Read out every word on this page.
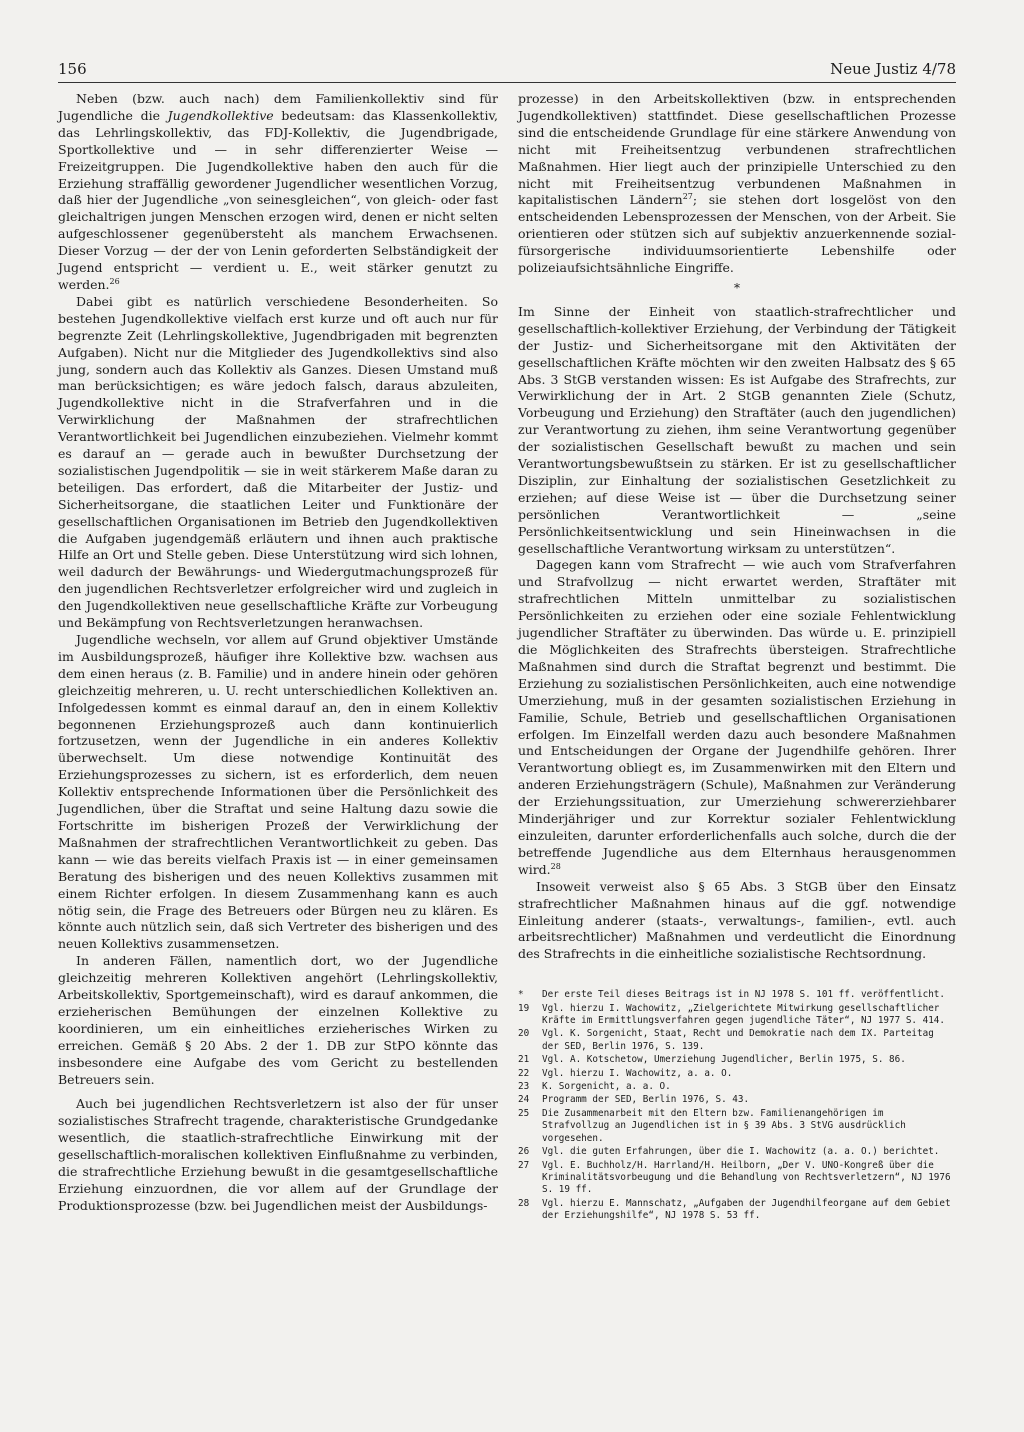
156	Neue Justiz 4/78

Neben (bzw. auch nach) dem Familienkollektiv sind für Jugendliche die Jugendkollektive bedeutsam: das Klassenkollektiv, das Lehrlingskollektiv, das FDJ-Kollektiv, die Jugendbrigade, Sportkollektive und — in sehr differenzierter Weise — Freizeitgruppen. Die Jugendkollektive haben den auch für die Erziehung straffällig gewordener Jugendlicher wesentlichen Vorzug, daß hier der Jugendliche „von seinesgleichen“, von gleich- oder fast gleichaltrigen jungen Menschen erzogen wird, denen er nicht selten aufgeschlossener gegenübersteht als manchem Erwachsenen. Dieser Vorzug — der der von Lenin geforderten Selbständigkeit der Jugend entspricht — verdient u. E., weit stärker genutzt zu werden.$^{26}$

Dabei gibt es natürlich verschiedene Besonderheiten. So bestehen Jugendkollektive vielfach erst kurze und oft auch nur für begrenzte Zeit (Lehrlingskollektive, Jugendbrigaden mit begrenzten Aufgaben). Nicht nur die Mitglieder des Jugendkollektivs sind also jung, sondern auch das Kollektiv als Ganzes. Diesen Umstand muß man berücksichtigen; es wäre jedoch falsch, daraus abzuleiten, Jugendkollektive nicht in die Strafverfahren und in die Verwirklichung der Maßnahmen der strafrechtlichen Verantwortlichkeit bei Jugendlichen einzubeziehen. Vielmehr kommt es darauf an — gerade auch in bewußter Durchsetzung der sozialistischen Jugendpolitik — sie in weit stärkerem Maße daran zu beteiligen. Das erfordert, daß die Mitarbeiter der Justiz- und Sicherheitsorgane, die staatlichen Leiter und Funktionäre der gesellschaftlichen Organisationen im Betrieb den Jugendkollektiven die Aufgaben jugendgemäß erläutern und ihnen auch praktische Hilfe an Ort und Stelle geben. Diese Unterstützung wird sich lohnen, weil dadurch der Bewährungs- und Wiedergutmachungsprozeß für den jugendlichen Rechtsverletzer erfolgreicher wird und zugleich in den Jugendkollektiven neue gesellschaftliche Kräfte zur Vorbeugung und Bekämpfung von Rechtsverletzungen heranwachsen.

Jugendliche wechseln, vor allem auf Grund objektiver Umstände im Ausbildungsprozeß, häufiger ihre Kollektive bzw. wachsen aus dem einen heraus (z. B. Familie) und in andere hinein oder gehören gleichzeitig mehreren, u. U. recht unterschiedlichen Kollektiven an. Infolgedessen kommt es einmal darauf an, den in einem Kollektiv begonnenen Erziehungsprozeß auch dann kontinuierlich fortzusetzen, wenn der Jugendliche in ein anderes Kollektiv überwechselt. Um diese notwendige Kontinuität des Erziehungsprozesses zu sichern, ist es erforderlich, dem neuen Kollektiv entsprechende Informationen über die Persönlichkeit des Jugendlichen, über die Straftat und seine Haltung dazu sowie die Fortschritte im bisherigen Prozeß der Verwirklichung der Maßnahmen der strafrechtlichen Verantwortlichkeit zu geben. Das kann — wie das bereits vielfach Praxis ist — in einer gemeinsamen Beratung des bisherigen und des neuen Kollektivs zusammen mit einem Richter erfolgen. In diesem Zusammenhang kann es auch nötig sein, die Frage des Betreuers oder Bürgen neu zu klären. Es könnte auch nützlich sein, daß sich Vertreter des bisherigen und des neuen Kollektivs zusammensetzen.

In anderen Fällen, namentlich dort, wo der Jugendliche gleichzeitig mehreren Kollektiven angehört (Lehrlingskollektiv, Arbeitskollektiv, Sportgemeinschaft), wird es darauf ankommen, die erzieherischen Bemühungen der einzelnen Kollektive zu koordinieren, um ein einheitliches erzieherisches Wirken zu erreichen. Gemäß § 20 Abs. 2 der 1. DB zur StPO könnte das insbesondere eine Aufgabe des vom Gericht zu bestellenden Betreuers sein.

Auch bei jugendlichen Rechtsverletzern ist also der für unser sozialistisches Strafrecht tragende, charakteristische Grundgedanke wesentlich, die staatlich-strafrechtliche Einwirkung mit der gesellschaftlich-moralischen kollektiven Einflußnahme zu verbinden, die strafrechtliche Erziehung bewußt in die gesamtgesellschaftliche Erziehung einzuordnen, die vor allem auf der Grundlage der Produktionsprozesse (bzw. bei Jugendlichen meist der Ausbildungs-

prozesse) in den Arbeitskollektiven (bzw. in entsprechenden Jugendkollektiven) stattfindet. Diese gesellschaftlichen Prozesse sind die entscheidende Grundlage für eine stärkere Anwendung von nicht mit Freiheitsentzug verbundenen strafrechtlichen Maßnahmen. Hier liegt auch der prinzipielle Unterschied zu den nicht mit Freiheitsentzug verbundenen Maßnahmen in kapitalistischen Ländern$^{27}$; sie stehen dort losgelöst von den entscheidenden Lebensprozessen der Menschen, von der Arbeit. Sie orientieren oder stützen sich auf subjektiv anzuerkennende sozial-fürsorgerische individuumsorientierte Lebenshilfe oder polizeiaufsichtsähnliche Eingriffe.

*

Im Sinne der Einheit von staatlich-strafrechtlicher und gesellschaftlich-kollektiver Erziehung, der Verbindung der Tätigkeit der Justiz- und Sicherheitsorgane mit den Aktivitäten der gesellschaftlichen Kräfte möchten wir den zweiten Halbsatz des § 65 Abs. 3 StGB verstanden wissen: Es ist Aufgabe des Strafrechts, zur Verwirklichung der in Art. 2 StGB genannten Ziele (Schutz, Vorbeugung und Erziehung) den Straftäter (auch den jugendlichen) zur Verantwortung zu ziehen, ihm seine Verantwortung gegenüber der sozialistischen Gesellschaft bewußt zu machen und sein Verantwortungsbewußtsein zu stärken. Er ist zu gesellschaftlicher Disziplin, zur Einhaltung der sozialistischen Gesetzlichkeit zu erziehen; auf diese Weise ist — über die Durchsetzung seiner persönlichen Verantwortlichkeit — „seine Persönlichkeitsentwicklung und sein Hineinwachsen in die gesellschaftliche Verantwortung wirksam zu unterstützen“.

Dagegen kann vom Strafrecht — wie auch vom Strafverfahren und Strafvollzug — nicht erwartet werden, Straftäter mit strafrechtlichen Mitteln unmittelbar zu sozialistischen Persönlichkeiten zu erziehen oder eine soziale Fehlentwicklung jugendlicher Straftäter zu überwinden. Das würde u. E. prinzipiell die Möglichkeiten des Strafrechts übersteigen. Strafrechtliche Maßnahmen sind durch die Straftat begrenzt und bestimmt. Die Erziehung zu sozialistischen Persönlichkeiten, auch eine notwendige Umerziehung, muß in der gesamten sozialistischen Erziehung in Familie, Schule, Betrieb und gesellschaftlichen Organisationen erfolgen. Im Einzelfall werden dazu auch besondere Maßnahmen und Entscheidungen der Organe der Jugendhilfe gehören. Ihrer Verantwortung obliegt es, im Zusammenwirken mit den Eltern und anderen Erziehungsträgern (Schule), Maßnahmen zur Veränderung der Erziehungssituation, zur Umerziehung schwererziehbarer Minderjähriger und zur Korrektur sozialer Fehlentwicklung einzuleiten, darunter erforderlichenfalls auch solche, durch die der betreffende Jugendliche aus dem Elternhaus herausgenommen wird.$^{28}$

Insoweit verweist also § 65 Abs. 3 StGB über den Einsatz strafrechtlicher Maßnahmen hinaus auf die ggf. notwendige Einleitung anderer (staats-, verwaltungs-, familien-, evtl. auch arbeitsrechtlicher) Maßnahmen und verdeutlicht die Einordnung des Strafrechts in die einheitliche sozialistische Rechtsordnung.

*	Der erste Teil dieses Beitrags ist in NJ 1978 S. 101 ff. veröffentlicht.
19	Vgl. hierzu I. Wachowitz, „Zielgerichtete Mitwirkung gesellschaftlicher Kräfte im Ermittlungsverfahren gegen jugendliche Täter“, NJ 1977 S. 414.
20	Vgl. K. Sorgenicht, Staat, Recht und Demokratie nach dem IX. Parteitag der SED, Berlin 1976, S. 139.
21	Vgl. A. Kotschetow, Umerziehung Jugendlicher, Berlin 1975, S. 86.
22	Vgl. hierzu I. Wachowitz, a. a. O.
23	K. Sorgenicht, a. a. O.
24	Programm der SED, Berlin 1976, S. 43.
25	Die Zusammenarbeit mit den Eltern bzw. Familienangehörigen im Strafvollzug an Jugendlichen ist in § 39 Abs. 3 StVG ausdrücklich vorgesehen.
26	Vgl. die guten Erfahrungen, über die I. Wachowitz (a. a. O.) berichtet.
27	Vgl. E. Buchholz/H. Harrland/H. Heilborn, „Der V. UNO-Kongreß über die Kriminalitätsvorbeugung und die Behandlung von Rechtsverletzern“, NJ 1976 S. 19 ff.
28	Vgl. hierzu E. Mannschatz, „Aufgaben der Jugendhilfeorgane auf dem Gebiet der Erziehungshilfe“, NJ 1978 S. 53 ff.
